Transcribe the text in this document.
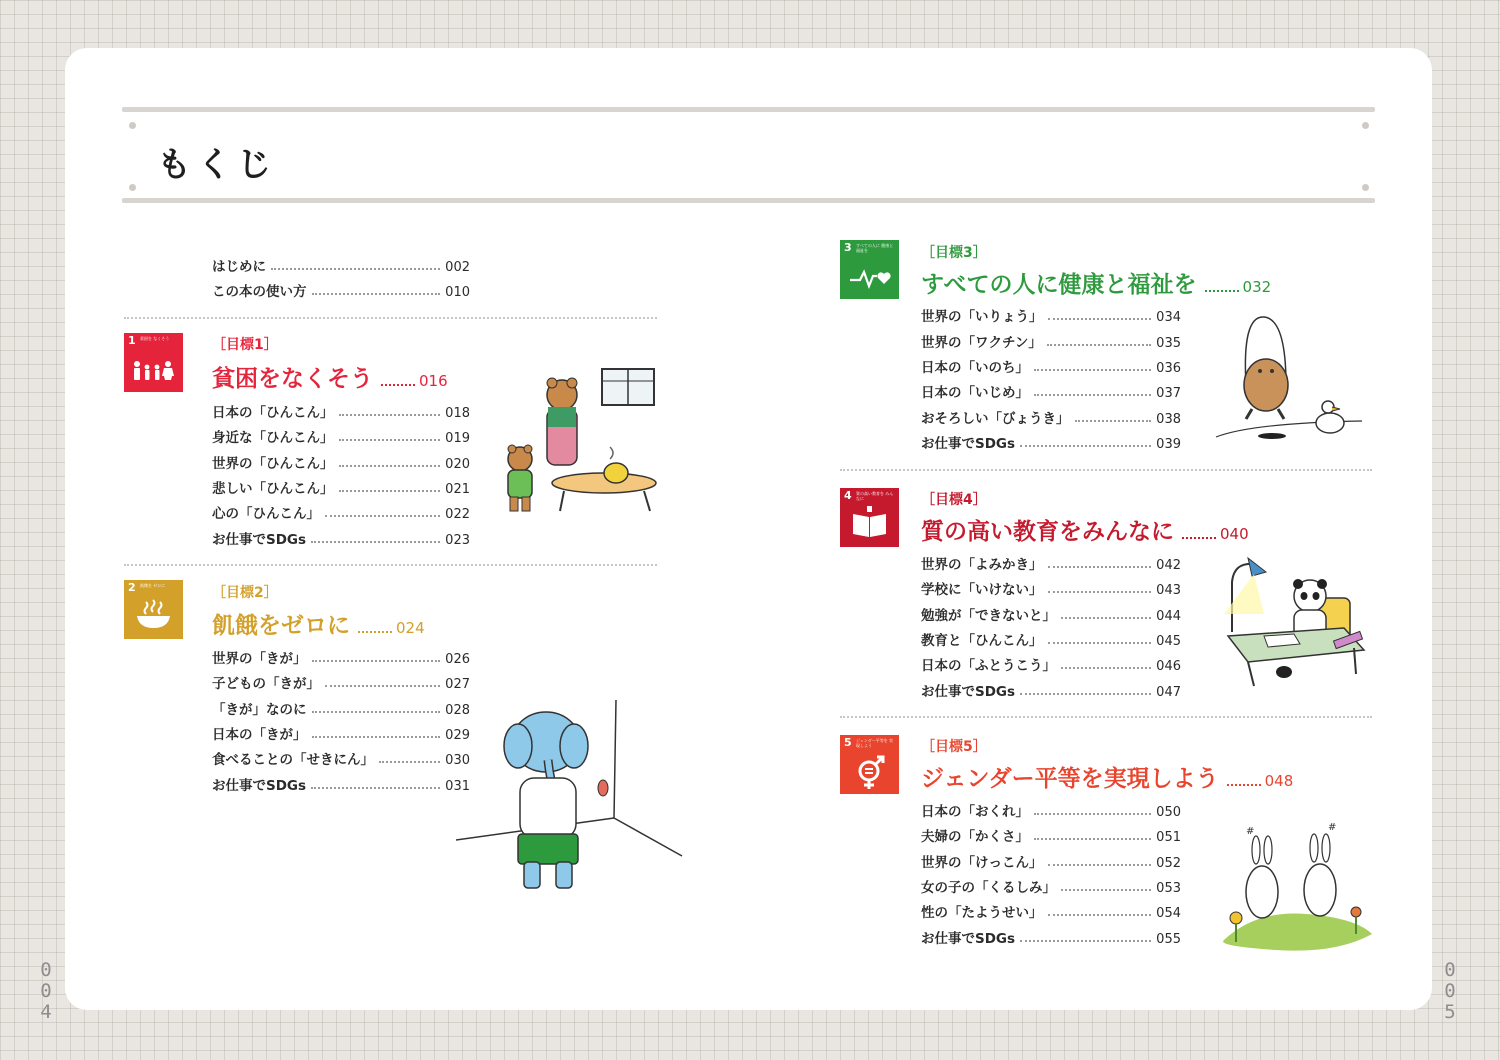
もくじ
0
0
4
0
0
5
はじめに	002
この本の使い方	010
1 貧困を なくそう	［目標1］
貧困をなくそう	016
日本の「ひんこん」	018
身近な「ひんこん」	019
世界の「ひんこん」	020
悲しい「ひんこん」	021
心の「ひんこん」	022
お仕事でSDGs	023
2 飢餓を ゼロに	［目標2］
飢餓をゼロに	024
世界の「きが」	026
子どもの「きが」	027
「きが」なのに	028
日本の「きが」	029
食べることの「せきにん」	030
お仕事でSDGs	031
3 すべての人に 健康と福祉を	［目標3］
すべての人に健康と福祉を	032
世界の「いりょう」	034
世界の「ワクチン」	035
日本の「いのち」	036
日本の「いじめ」	037
おそろしい「びょうき」	038
お仕事でSDGs	039
4 質の高い教育を みんなに	［目標4］
質の高い教育をみんなに	040
世界の「よみかき」	042
学校に「いけない」	043
勉強が「できないと」	044
教育と「ひんこん」	045
日本の「ふとうこう」	046
お仕事でSDGs	047
5 ジェンダー平等を 実現しよう	［目標5］
ジェンダー平等を実現しよう	048
日本の「おくれ」	050
夫婦の「かくさ」	051
世界の「けっこん」	052
女の子の「くるしみ」	053
性の「たようせい」	054
お仕事でSDGs	055
#	#
